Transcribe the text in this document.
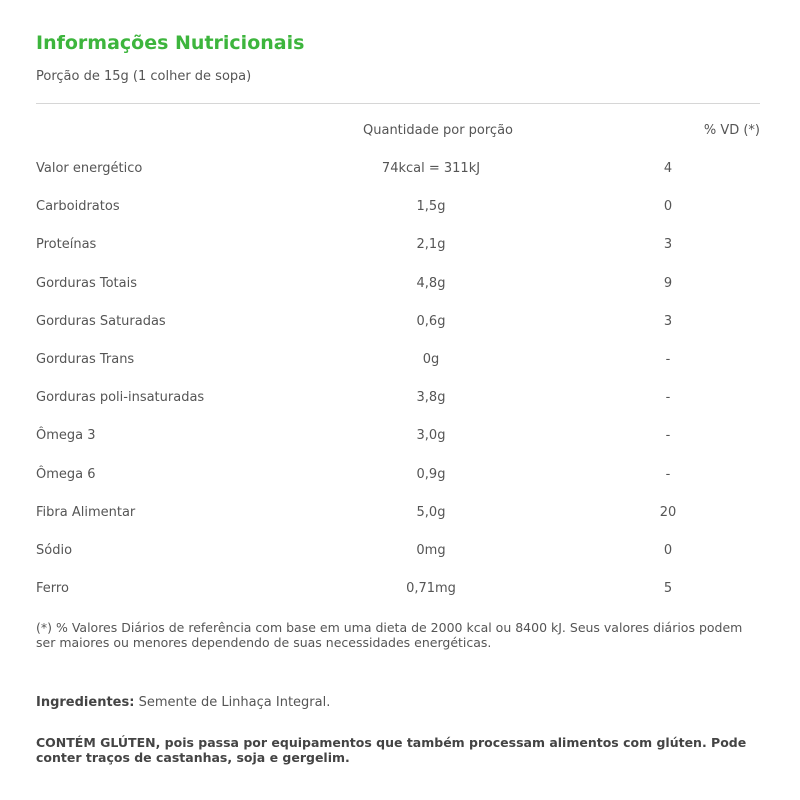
Informações Nutricionais
Porção de 15g (1 colher de sopa)
Quantidade por porção	% VD (*)
Valor energético	74kcal = 311kJ	4
Carboidratos	1,5g	0
Proteínas	2,1g	3
Gorduras Totais	4,8g	9
Gorduras Saturadas	0,6g	3
Gorduras Trans	0g	-
Gorduras poli-insaturadas	3,8g	-
Ômega 3	3,0g	-
Ômega 6	0,9g	-
Fibra Alimentar	5,0g	20
Sódio	0mg	0
Ferro	0,71mg	5
(*) % Valores Diários de referência com base em uma dieta de 2000 kcal ou 8400 kJ. Seus valores diários podem ser maiores ou menores dependendo de suas necessidades energéticas.
Ingredientes: Semente de Linhaça Integral.
CONTÉM GLÚTEN, pois passa por equipamentos que também processam alimentos com glúten. Pode conter traços de castanhas, soja e gergelim.
